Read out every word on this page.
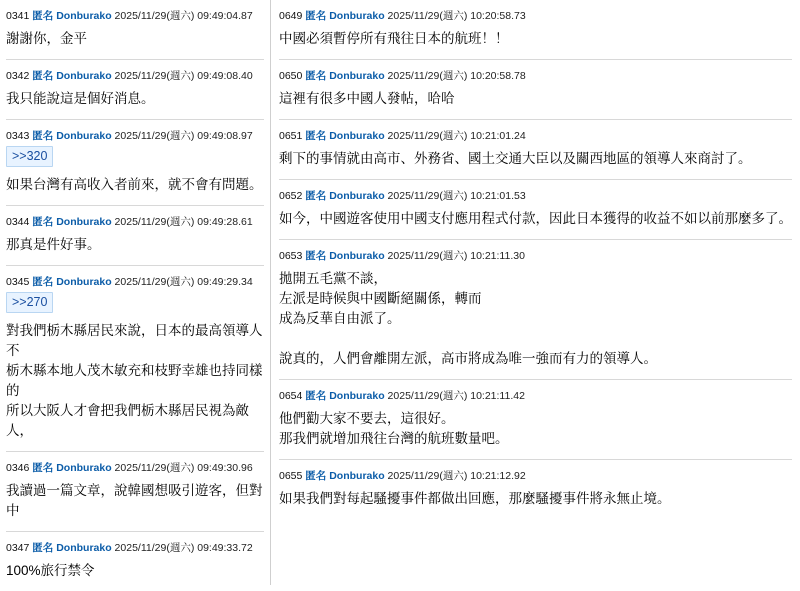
0341 匿名 Donburako 2025/11/29(週六) 09:49:04.87
謝謝你，金平
0342 匿名 Donburako 2025/11/29(週六) 09:49:08.40
我只能說這是個好消息。
0343 匿名 Donburako 2025/11/29(週六) 09:49:08.97
>>320
如果台灣有高收入者前來，就不會有問題。
0344 匿名 Donburako 2025/11/29(週六) 09:49:28.61
那真是件好事。
0345 匿名 Donburako 2025/11/29(週六) 09:49:29.34
>>270
對我們栃木縣居民來說，日本的最高領導人不
栃木縣本地人茂木敏充和枝野幸雄也持同樣的
所以大阪人才會把我們栃木縣居民視為敵人，
0346 匿名 Donburako 2025/11/29(週六) 09:49:30.96
我讀過一篇文章，說韓國想吸引遊客，但對中
0347 匿名 Donburako 2025/11/29(週六) 09:49:33.72
100%旅行禁令
0649 匿名 Donburako 2025/11/29(週六) 10:20:58.73
中國必須暫停所有飛往日本的航班！！
0650 匿名 Donburako 2025/11/29(週六) 10:20:58.78
這裡有很多中國人發帖，哈哈
0651 匿名 Donburako 2025/11/29(週六) 10:21:01.24
剩下的事情就由高市、外務省、國土交通大臣以及關西地區的領導人來商討了。
0652 匿名 Donburako 2025/11/29(週六) 10:21:01.53
如今，中國遊客使用中國支付應用程式付款，因此日本獲得的收益不如以前那麼多了。
0653 匿名 Donburako 2025/11/29(週六) 10:21:11.30
拋開五毛黨不談，
左派是時候與中國斷絕關係，轉而
成為反華自由派了。

說真的，人們會離開左派，高市將成為唯一強而有力的領導人。
0654 匿名 Donburako 2025/11/29(週六) 10:21:11.42
他們勸大家不要去，這很好。
那我們就增加飛往台灣的航班數量吧。
0655 匿名 Donburako 2025/11/29(週六) 10:21:12.92
如果我們對每起騷擾事件都做出回應，那麼騷擾事件將永無止境。
